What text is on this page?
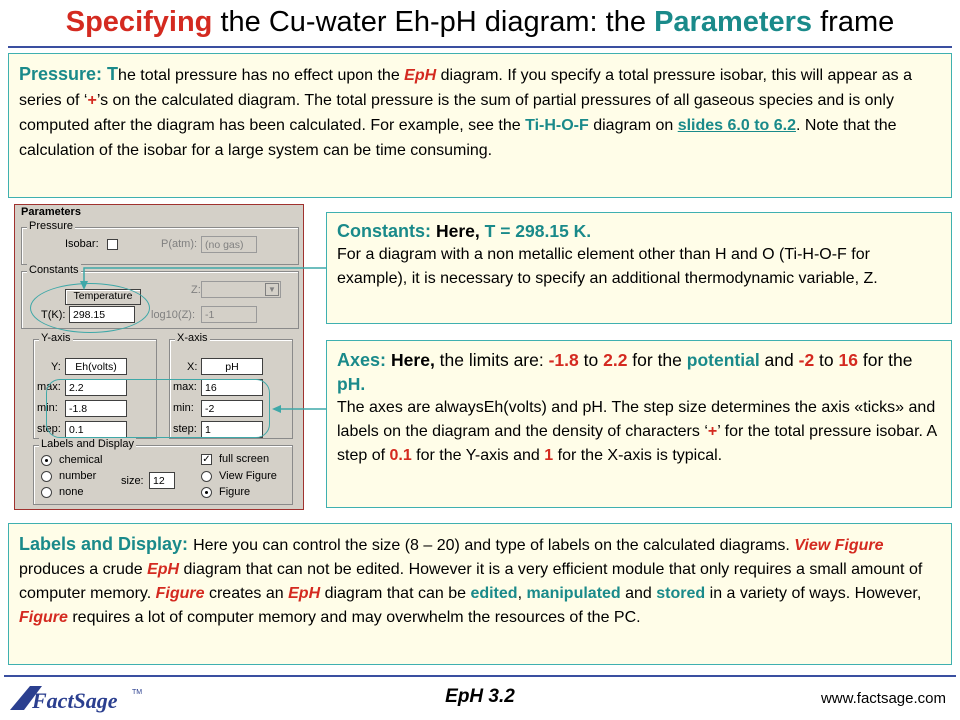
Specifying the Cu-water Eh-pH diagram: the Parameters frame
Pressure: The total pressure has no effect upon the EpH diagram. If you specify a total pressure isobar, this will appear as a series of ‘+’s on the calculated diagram. The total pressure is the sum of partial pressures of all gaseous species and is only computed after the diagram has been calculated. For example, see the Ti-H-O-F diagram on slides 6.0 to 6.2. Note that the calculation of the isobar for a large system can be time consuming.
Parameters
Pressure
Isobar:	P(atm): (no gas)
Constants
Z:	▼
Temperature
T(K): 298.15	log10(Z): -1
Y-axis
Y:	Eh(volts)
max: 2.2
min:	-1.8
step: 0.1
X-axis
X:	pH
max: 16
min:	-2
step: 1
Labels and Display
chemical
number
none
size: 12
✓ full screen
View Figure
Figure
Constants: Here, T = 298.15 K.
For a diagram with a non metallic element other than H and O (Ti-H-O-F for example), it is necessary to specify an additional thermodynamic variable, Z.
Axes: Here, the limits are: -1.8 to 2.2 for the potential and -2 to 16 for the pH.
The axes are alwaysEh(volts) and pH. The step size determines the axis «ticks» and labels on the diagram and the density of characters ‘+’ for the total pressure isobar. A step of 0.1 for the Y-axis and 1 for the X-axis is typical.
Labels and Display: Here you can control the size (8 – 20) and type of labels on the calculated diagrams. View Figure produces a crude EpH diagram that can not be edited. However it is a very efficient module that only requires a small amount of computer memory. Figure creates an EpH diagram that can be edited, manipulated and stored in a variety of ways. However, Figure requires a lot of computer memory and may overwhelm the resources of the PC.
FactSage TM	EpH 3.2	www.factsage.com
